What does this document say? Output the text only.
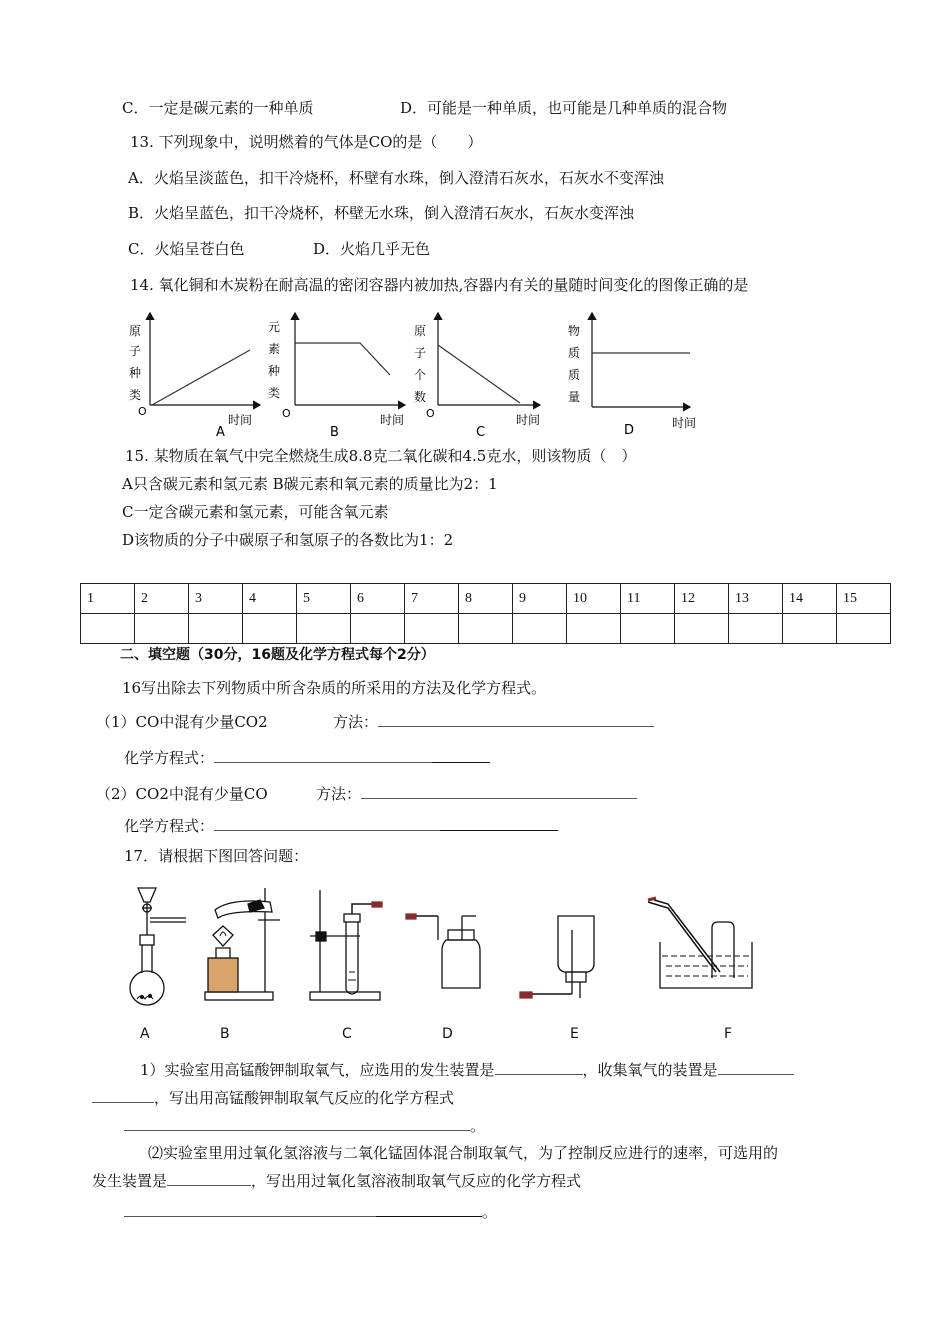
C．一定是碳元素的一种单质	D．可能是一种单质，也可能是几种单质的混合物
13. 下列现象中，说明燃着的气体是CO的是（　　）
A．火焰呈淡蓝色，扣干冷烧杯，杯壁有水珠，倒入澄清石灰水，石灰水不变浑浊
B．火焰呈蓝色，扣干冷烧杯，杯壁无水珠，倒入澄清石灰水，石灰水变浑浊
C．火焰呈苍白色	D．火焰几乎无色
14. 氧化铜和木炭粉在耐高温的密闭容器内被加热,容器内有关的量随时间变化的图像正确的是
原
子
种
类
O
时间
A
元
素
种
类
O	时间
B
原
子
个
数
O	时间
C
物
质
质
量
时间
D
15. 某物质在氧气中完全燃烧生成8.8克二氧化碳和4.5克水，则该物质（　）
A只含碳元素和氢元素 B碳元素和氧元素的质量比为2：1
C一定含碳元素和氢元素，可能含氧元素
D该物质的分子中碳原子和氢原子的各数比为1：2
1	2	3	4	5	6	7	8	9	10	11	12	13	14	15

二、填空题（30分，16题及化学方程式每个2分）
16写出除去下列物质中所含杂质的所采用的方法及化学方程式。
（1）CO中混有少量CO2	方法：
化学方程式：
（2）CO2中混有少量CO	方法：
化学方程式：
17．请根据下图回答问题：
A	B	C	D	E	F
1）实验室用高锰酸钾制取氧气，应选用的发生装置是	，收集氧气的装置是
，写出用高锰酸钾制取氧气反应的化学方程式
。
⑵实验室里用过氧化氢溶液与二氧化锰固体混合制取氧气，为了控制反应进行的速率，可选用的
发生装置是	，写出用过氧化氢溶液制取氧气反应的化学方程式
。
